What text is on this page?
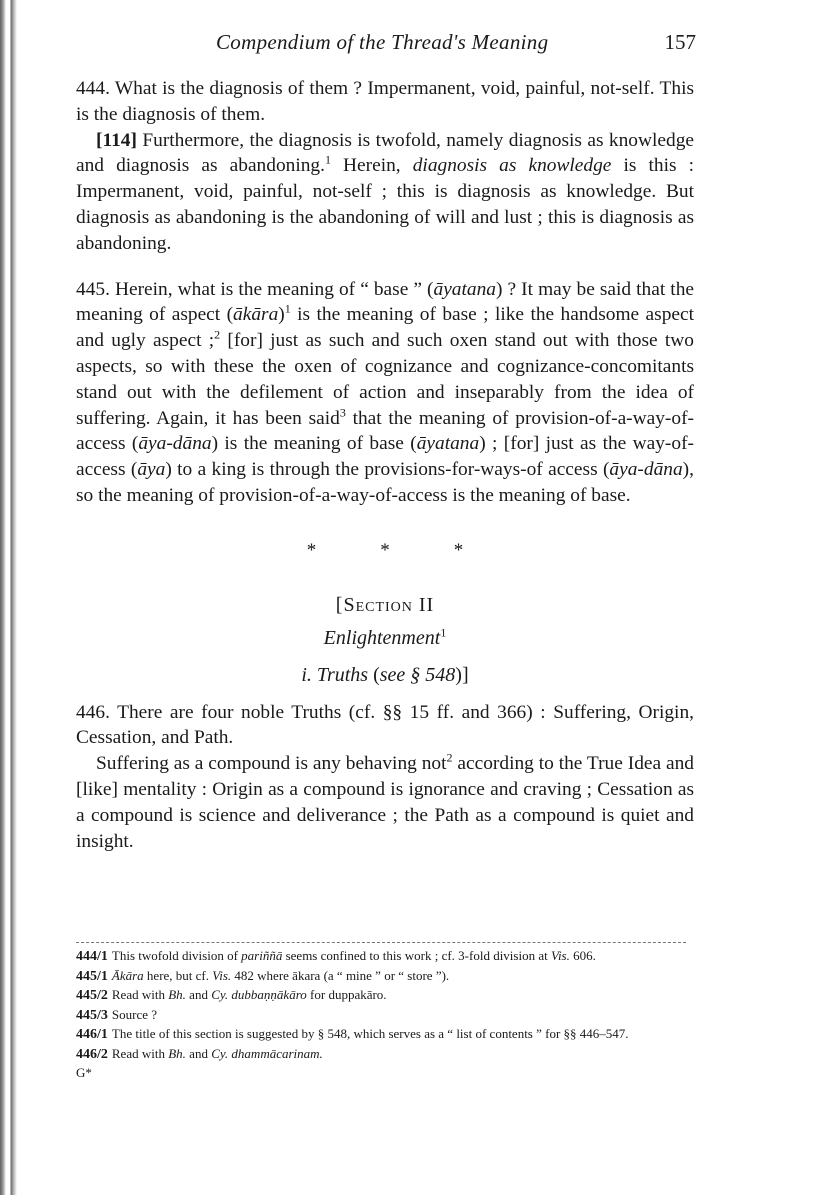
Compendium of the Thread's Meaning	157

444. What is the diagnosis of them ? Impermanent, void, painful, not-self. This is the diagnosis of them.

[114] Furthermore, the diagnosis is twofold, namely diagnosis as knowledge and diagnosis as abandoning.$^1$ Herein, diagnosis as knowledge is this : Impermanent, void, painful, not-self ; this is diagnosis as knowledge. But diagnosis as abandoning is the abandoning of will and lust ; this is diagnosis as abandoning.

445. Herein, what is the meaning of “ base ” (āyatana) ? It may be said that the meaning of aspect (ākāra)$^1$ is the meaning of base ; like the handsome aspect and ugly aspect ;$^2$ [for] just as such and such oxen stand out with those two aspects, so with these the oxen of cognizance and cognizance-concomitants stand out with the defilement of action and inseparably from the idea of suffering. Again, it has been said$^3$ that the meaning of provision-of-a-way-of-access (āya-dāna) is the meaning of base (āyatana) ; [for] just as the way-of-access (āya) to a king is through the provisions-for-ways-of access (āya-dāna), so the meaning of provision-of-a-way-of-access is the meaning of base.

*	*	*
[Section II
Enlightenment$^1$
i. Truths (see § 548)]

446. There are four noble Truths (cf. §§ 15 ff. and 366) : Suffering, Origin, Cessation, and Path.

Suffering as a compound is any behaving not$^2$ according to the True Idea and [like] mentality : Origin as a compound is ignorance and craving ; Cessation as a compound is science and deliverance ; the Path as a compound is quiet and insight.

444/1 This twofold division of pariññā seems confined to this work ; cf. 3-fold division at Vis. 606.
445/1 Ākāra here, but cf. Vis. 482 where ākara (a “ mine ” or “ store ”).
445/2 Read with Bh. and Cy. dubbaṇṇākāro for duppakāro.
445/3 Source ?
446/1 The title of this section is suggested by § 548, which serves as a “ list of contents ” for §§ 446–547.
446/2 Read with Bh. and Cy. dhammācarinam.
G*
